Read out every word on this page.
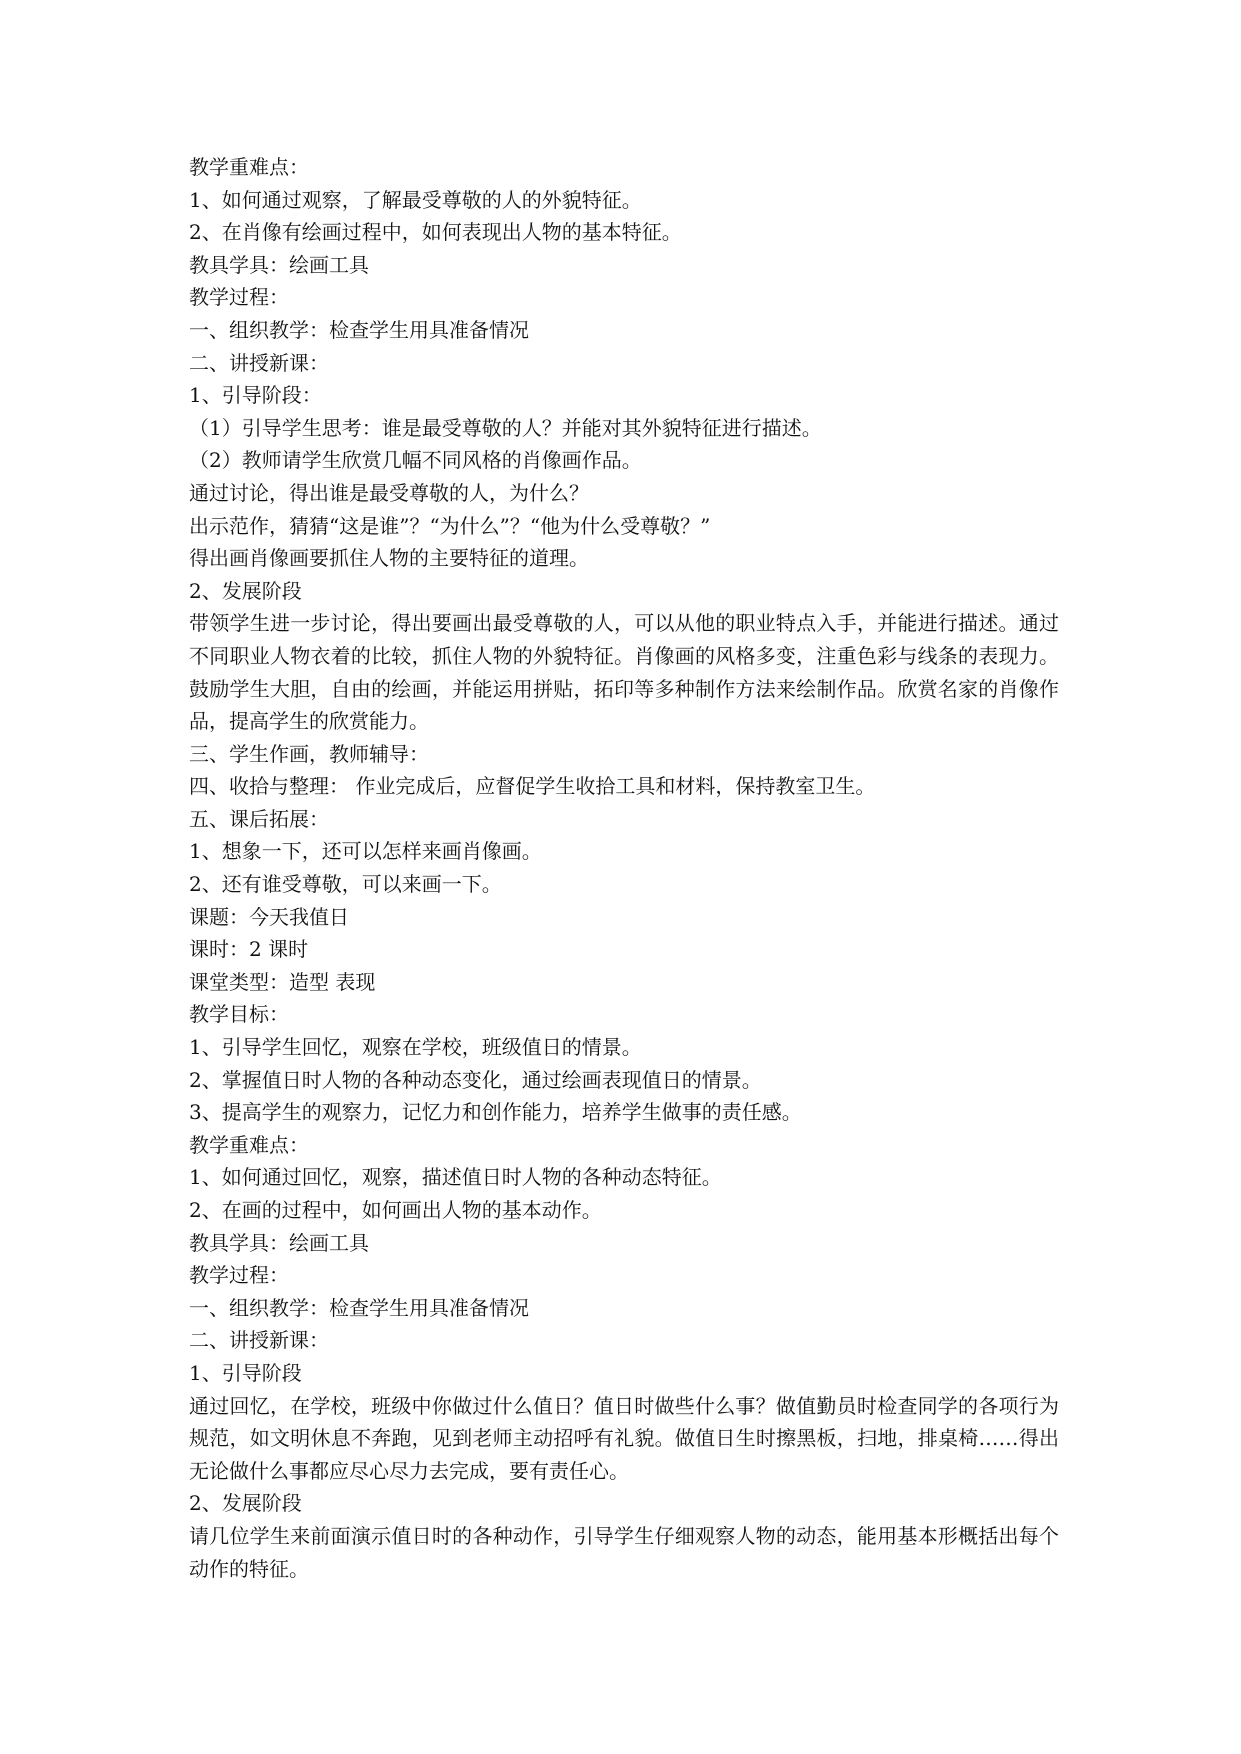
教学重难点：

1、如何通过观察，了解最受尊敬的人的外貌特征。

2、在肖像有绘画过程中，如何表现出人物的基本特征。

教具学具：绘画工具

教学过程：

一、组织教学：检查学生用具准备情况

二、讲授新课：

1、引导阶段：

（1）引导学生思考：谁是最受尊敬的人？并能对其外貌特征进行描述。

（2）教师请学生欣赏几幅不同风格的肖像画作品。

通过讨论，得出谁是最受尊敬的人，为什么？

出示范作，猜猜“这是谁”？“为什么”？“他为什么受尊敬？”

得出画肖像画要抓住人物的主要特征的道理。

2、发展阶段

带领学生进一步讨论，得出要画出最受尊敬的人，可以从他的职业特点入手，并能进行描述。通过不同职业人物衣着的比较，抓住人物的外貌特征。肖像画的风格多变，注重色彩与线条的表现力。鼓励学生大胆，自由的绘画，并能运用拼贴，拓印等多种制作方法来绘制作品。欣赏名家的肖像作品，提高学生的欣赏能力。

三、学生作画，教师辅导：

四、收拾与整理： 作业完成后，应督促学生收拾工具和材料，保持教室卫生。

五、课后拓展：

1、想象一下，还可以怎样来画肖像画。

2、还有谁受尊敬，可以来画一下。

课题：今天我值日

课时：2 课时

课堂类型：造型 表现

教学目标：

1、引导学生回忆，观察在学校，班级值日的情景。

2、掌握值日时人物的各种动态变化，通过绘画表现值日的情景。

3、提高学生的观察力，记忆力和创作能力，培养学生做事的责任感。

教学重难点：

1、如何通过回忆，观察，描述值日时人物的各种动态特征。

2、在画的过程中，如何画出人物的基本动作。

教具学具：绘画工具

教学过程：

一、组织教学：检查学生用具准备情况

二、讲授新课：

1、引导阶段

通过回忆，在学校，班级中你做过什么值日？值日时做些什么事？做值勤员时检查同学的各项行为规范，如文明休息不奔跑，见到老师主动招呼有礼貌。做值日生时擦黑板，扫地，排桌椅……得出无论做什么事都应尽心尽力去完成，要有责任心。

2、发展阶段

请几位学生来前面演示值日时的各种动作，引导学生仔细观察人物的动态，能用基本形概括出每个动作的特征。
